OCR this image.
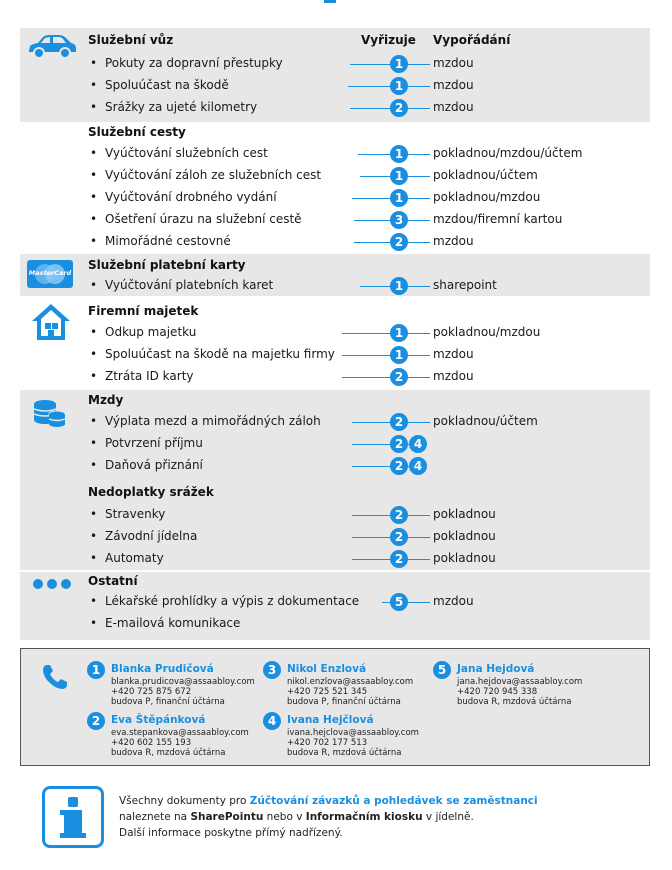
Služební vůz	Vyřizuje Vypořádání
• Pokuty za dopravní přestupky	1	mzdou
• Spoluúčast na škodě	1	mzdou
• Srážky za ujeté kilometry	2	mzdou
Služební cesty
• Vyúčtování služebních cest	1	pokladnou/mzdou/účtem
• Vyúčtování záloh ze služebních cest	1	pokladnou/účtem
• Vyúčtování drobného vydání	1	pokladnou/mzdou
• Ošetření úrazu na služební cestě	3	mzdou/firemní kartou
• Mimořádné cestovné	2	mzdou
MasterCard
Služební platební karty
• Vyúčtování platebních karet	1	sharepoint
Firemní majetek
• Odkup majetku	1	pokladnou/mzdou
• Spoluúčast na škodě na majetku firmy	1	mzdou
• Ztráta ID karty	2	mzdou
Mzdy
• Výplata mezd a mimořádných záloh	2	pokladnou/účtem
• Potvrzení příjmu	2 4
• Daňová přiznání	2 4
Nedoplatky srážek
• Stravenky	2	pokladnou
• Závodní jídelna	2	pokladnou
• Automaty	2	pokladnou
Ostatní
• Lékařské prohlídky a výpis z dokumentace	5	mzdou
• E-mailová komunikace
1	Blanka Prudičová
blanka.prudicova@assaabloy.com
+420 725 875 672
budova P, finanční účtárna
2	Eva Štěpánková
eva.stepankova@assaabloy.com
+420 602 155 193
budova R, mzdová účtárna
3	Nikol Enzlová
nikol.enzlova@assaabloy.com
+420 725 521 345
budova P, finanční účtárna
4	Ivana Hejčlová
ivana.hejclova@assaabloy.com
+420 702 177 513
budova R, mzdová účtárna
5	Jana Hejdová
jana.hejdova@assaabloy.com
+420 720 945 338
budova R, mzdová účtárna
Všechny dokumenty pro Zúčtování závazků a pohledávek se zaměstnanci
naleznete na SharePointu nebo v Informačním kiosku v jídelně.
Další informace poskytne přímý nadřízený.
